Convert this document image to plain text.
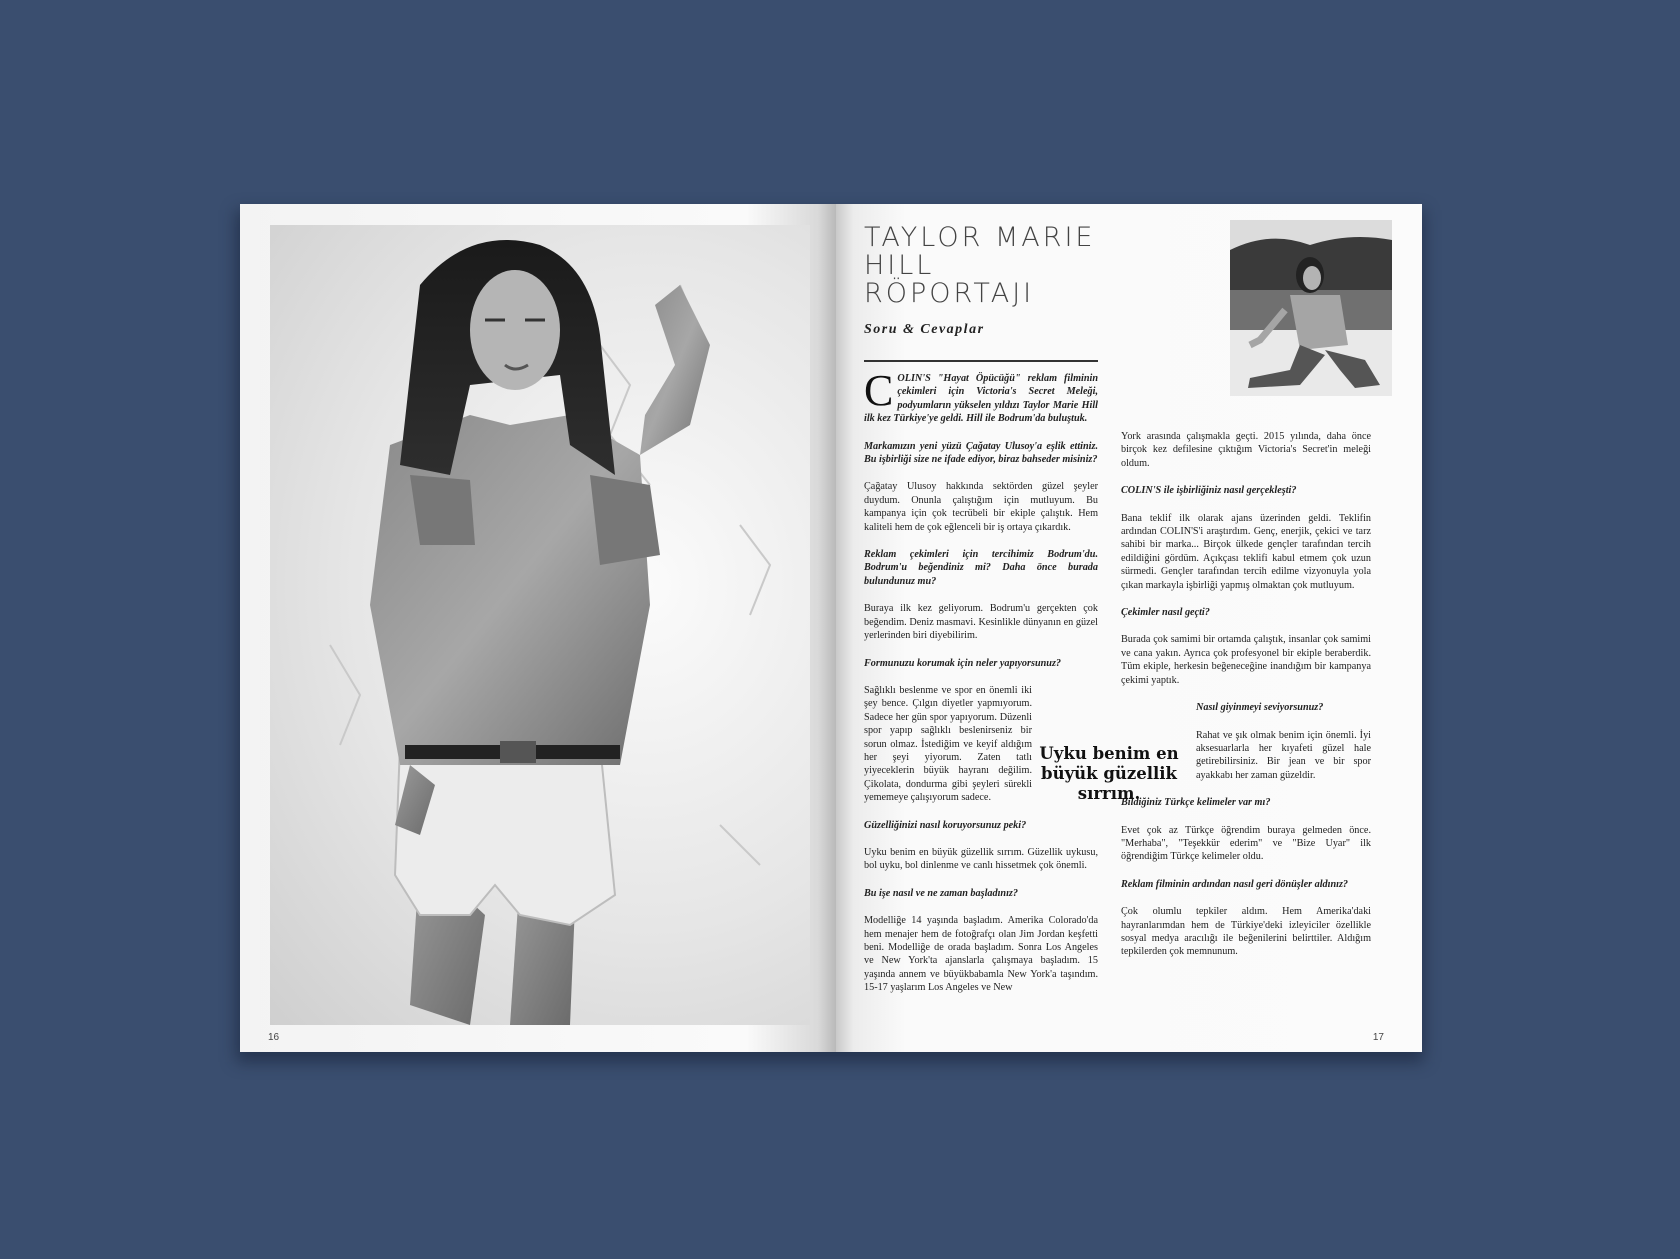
16
TAYLOR MARIE
HILL
RÖPORTAJI
Soru & Cevaplar

COLIN'S "Hayat Öpücüğü" reklam filminin çekimleri için Victoria's Secret Meleği, podyumların yükselen yıldızı Taylor Marie Hill ilk kez Türkiye'ye geldi. Hill ile Bodrum'da buluştuk.

Markamızın yeni yüzü Çağatay Ulusoy'a eşlik ettiniz. Bu işbirliği size ne ifade ediyor, biraz bahseder misiniz?

Çağatay Ulusoy hakkında sektörden güzel şeyler duydum. Onunla çalıştığım için mutluyum. Bu kampanya için çok tecrübeli bir ekiple çalıştık. Hem kaliteli hem de çok eğlenceli bir iş ortaya çıkardık.

Reklam çekimleri için tercihimiz Bodrum'du. Bodrum'u beğendiniz mi? Daha önce burada bulundunuz mu?

Buraya ilk kez geliyorum. Bodrum'u gerçekten çok beğendim. Deniz masmavi. Kesinlikle dünyanın en güzel yerlerinden biri diyebilirim.

Formunuzu korumak için neler yapıyorsunuz?

Sağlıklı beslenme ve spor en önemli iki şey bence. Çılgın diyetler yapmıyorum. Sadece her gün spor yapıyorum. Düzenli spor yapıp sağlıklı beslenirseniz bir sorun olmaz. İstediğim ve keyif aldığım her şeyi yiyorum. Zaten tatlı yiyeceklerin büyük hayranı değilim. Çikolata, dondurma gibi şeyleri sürekli yememeye çalışıyorum sadece.

Güzelliğinizi nasıl koruyorsunuz peki?

Uyku benim en büyük güzellik sırrım. Güzellik uykusu, bol uyku, bol dinlenme ve canlı hissetmek çok önemli.

Bu işe nasıl ve ne zaman başladınız?

Modelliğe 14 yaşında başladım. Amerika Colorado'da hem menajer hem de fotoğrafçı olan Jim Jordan keşfetti beni. Modelliğe de orada başladım. Sonra Los Angeles ve New York'ta ajanslarla çalışmaya başladım. 15 yaşında annem ve büyükbabamla New York'a taşındım. 15-17 yaşlarım Los Angeles ve New

York arasında çalışmakla geçti. 2015 yılında, daha önce birçok kez defilesine çıktığım Victoria's Secret'in meleği oldum.

COLIN'S ile işbirliğiniz nasıl gerçekleşti?

Bana teklif ilk olarak ajans üzerinden geldi. Teklifin ardından COLIN'S'i araştırdım. Genç, enerjik, çekici ve tarz sahibi bir marka... Birçok ülkede gençler tarafından tercih edildiğini gördüm. Açıkçası teklifi kabul etmem çok uzun sürmedi. Gençler tarafından tercih edilme vizyonuyla yola çıkan markayla işbirliği yapmış olmaktan çok mutluyum.

Çekimler nasıl geçti?

Burada çok samimi bir ortamda çalıştık, insanlar çok samimi ve cana yakın. Ayrıca çok profesyonel bir ekiple beraberdik. Tüm ekiple, herkesin beğeneceğine inandığım bir kampanya çekimi yaptık.

Nasıl giyinmeyi seviyorsunuz?

Rahat ve şık olmak benim için önemli. İyi aksesuarlarla her kıyafeti güzel hale getirebilirsiniz. Bir jean ve bir spor ayakkabı her zaman güzeldir.

Bildiğiniz Türkçe kelimeler var mı?

Evet çok az Türkçe öğrendim buraya gelmeden önce. "Merhaba", "Teşekkür ederim" ve "Bize Uyar" ilk öğrendiğim Türkçe kelimeler oldu.

Reklam filminin ardından nasıl geri dönüşler aldınız?

Çok olumlu tepkiler aldım. Hem Amerika'daki hayranlarımdan hem de Türkiye'deki izleyiciler özellikle sosyal medya aracılığı ile beğenilerini belirttiler. Aldığım tepkilerden çok memnunum.

Uyku benim en büyük güzellik sırrım.
17
